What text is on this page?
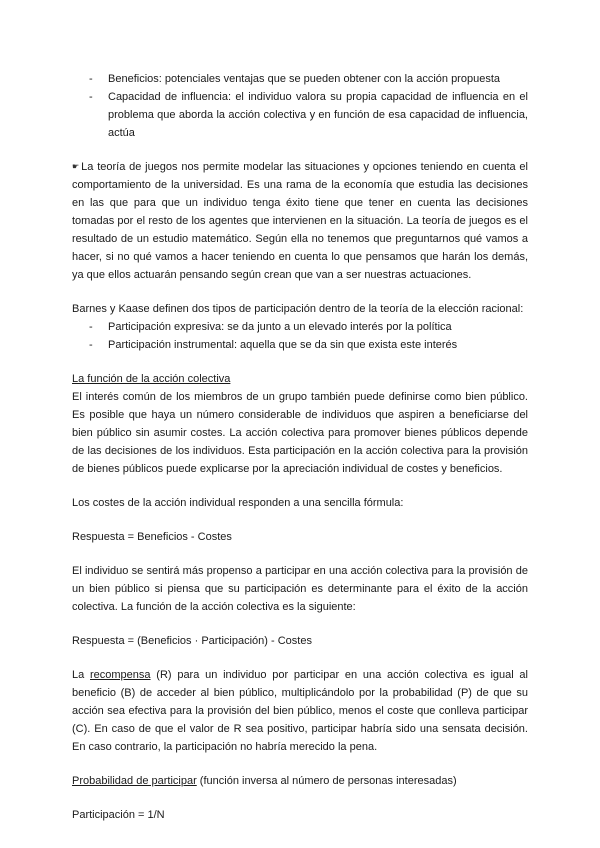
- Beneficios: potenciales ventajas que se pueden obtener con la acción propuesta
- Capacidad de influencia: el individuo valora su propia capacidad de influencia en el problema que aborda la acción colectiva y en función de esa capacidad de influencia, actúa

☛ La teoría de juegos nos permite modelar las situaciones y opciones teniendo en cuenta el comportamiento de la universidad. Es una rama de la economía que estudia las decisiones en las que para que un individuo tenga éxito tiene que tener en cuenta las decisiones tomadas por el resto de los agentes que intervienen en la situación. La teoría de juegos es el resultado de un estudio matemático. Según ella no tenemos que preguntarnos qué vamos a hacer, si no qué vamos a hacer teniendo en cuenta lo que pensamos que harán los demás, ya que ellos actuarán pensando según crean que van a ser nuestras actuaciones.

Barnes y Kaase definen dos tipos de participación dentro de la teoría de la elección racional:

- Participación expresiva: se da junto a un elevado interés por la política
- Participación instrumental: aquella que se da sin que exista este interés

La función de la acción colectiva

El interés común de los miembros de un grupo también puede definirse como bien público. Es posible que haya un número considerable de individuos que aspiren a beneficiarse del bien público sin asumir costes. La acción colectiva para promover bienes públicos depende de las decisiones de los individuos. Esta participación en la acción colectiva para la provisión de bienes públicos puede explicarse por la apreciación individual de costes y beneficios.

Los costes de la acción individual responden a una sencilla fórmula:

Respuesta = Beneficios - Costes

El individuo se sentirá más propenso a participar en una acción colectiva para la provisión de un bien público si piensa que su participación es determinante para el éxito de la acción colectiva. La función de la acción colectiva es la siguiente:

Respuesta = (Beneficios · Participación) - Costes

La recompensa (R) para un individuo por participar en una acción colectiva es igual al beneficio (B) de acceder al bien público, multiplicándolo por la probabilidad (P) de que su acción sea efectiva para la provisión del bien público, menos el coste que conlleva participar (C). En caso de que el valor de R sea positivo, participar habría sido una sensata decisión. En caso contrario, la participación no habría merecido la pena.

Probabilidad de participar (función inversa al número de personas interesadas)

Participación = 1/N
